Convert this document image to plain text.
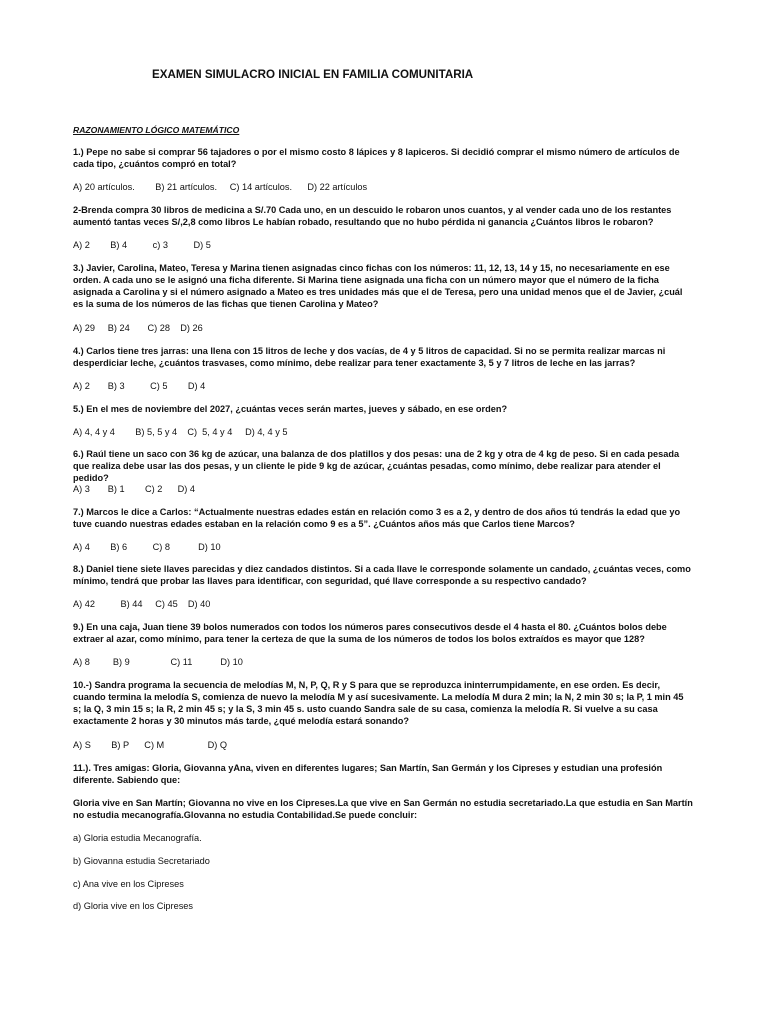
EXAMEN SIMULACRO INICIAL EN FAMILIA COMUNITARIA
RAZONAMIENTO LÓGICO MATEMÁTICO
1.) Pepe no sabe si comprar 56 tajadores o por el mismo costo 8 lápices y 8 lapiceros. Si decidió comprar el mismo número de artículos de cada tipo, ¿cuántos compró en total?
A) 20 artículos.        B) 21 artículos.     C) 14 artículos.      D) 22 artículos
2-Brenda compra 30 libros de medicina a S/.70 Cada uno, en un descuido le robaron unos cuantos, y al vender cada uno de los restantes aumentó tantas veces S/,2,8 como libros Le habían robado, resultando que no hubo pérdida ni ganancia ¿Cuántos libros le robaron?
A) 2        B) 4          c) 3          D) 5
3.) Javier, Carolina, Mateo, Teresa y Marina tienen asignadas cinco fichas con los números: 11, 12, 13, 14 y 15, no necesariamente en ese orden. A cada uno se le asignó una ficha diferente. Si Marina tiene asignada una ficha con un número mayor que el número de la ficha asignada a Carolina y si el número asignado a Mateo es tres unidades más que el de Teresa, pero una unidad menos que el de Javier, ¿cuál es la suma de los números de las fichas que tienen Carolina y Mateo?
A) 29     B) 24       C) 28    D) 26
4.) Carlos tiene tres jarras: una llena con 15 litros de leche y dos vacías, de 4 y 5 litros de capacidad. Si no se permita realizar marcas ni desperdiciar leche, ¿cuántos trasvases, como mínimo, debe realizar para tener exactamente 3, 5 y 7 litros de leche en las jarras?
A) 2       B) 3          C) 5        D) 4
5.) En el mes de noviembre del 2027, ¿cuántas veces serán martes, jueves y sábado, en ese orden?
A) 4, 4 y 4        B) 5, 5 y 4    C)  5, 4 y 4     D) 4, 4 y 5
6.) Raúl tiene un saco con 36 kg de azúcar, una balanza de dos platillos y dos pesas: una de 2 kg y otra de 4 kg de peso. Si en cada pesada que realiza debe usar las dos pesas, y un cliente le pide 9 kg de azúcar, ¿cuántas pesadas, como mínimo, debe realizar para atender el pedido?
A) 3       B) 1        C) 2      D) 4
7.) Marcos le dice a Carlos: “Actualmente nuestras edades están en relación como 3 es a 2, y dentro de dos años tú tendrás la edad que yo tuve cuando nuestras edades estaban en la relación como 9 es a 5”. ¿Cuántos años más que Carlos tiene Marcos?
A) 4        B) 6          C) 8           D) 10
8.) Daniel tiene siete llaves parecidas y diez candados distintos. Si a cada llave le corresponde solamente un candado, ¿cuántas veces, como mínimo, tendrá que probar las llaves para identificar, con seguridad, qué llave corresponde a su respectivo candado?
A) 42          B) 44     C) 45    D) 40
9.) En una caja, Juan tiene 39 bolos numerados con todos los números pares consecutivos desde el 4 hasta el 80. ¿Cuántos bolos debe extraer al azar, como mínimo, para tener la certeza de que la suma de los números de todos los bolos extraídos es mayor que 128?
A) 8         B) 9                C) 11           D) 10
10.-) Sandra programa la secuencia de melodías M, N, P, Q, R y S para que se reproduzca ininterrumpidamente, en ese orden. Es decir, cuando termina la melodía S, comienza de nuevo la melodía M y así sucesivamente. La melodía M dura 2 min; la N, 2 min 30 s; la P, 1 min 45 s; la Q, 3 min 15 s; la R, 2 min 45 s; y la S, 3 min 45 s. usto cuando Sandra sale de su casa, comienza la melodía R. Si vuelve a su casa exactamente 2 horas y 30 minutos más tarde, ¿qué melodía estará sonando?
A) S        B) P      C) M                 D) Q
11.). Tres amigas: Gloria, Giovanna yAna, viven en diferentes lugares; San Martín, San Germán y los Cipreses y estudian una profesión diferente. Sabiendo que:
Gloria vive en San Martín; Giovanna no vive en los Cipreses.La que vive en San Germán no estudia secretariado.La que estudia en San Martín no estudia mecanografía.Glovanna no estudia Contabilidad.Se puede concluir:
a) Gloria estudia Mecanografía.
b) Giovanna estudia Secretariado
c) Ana vive en los Cipreses
d) Gloria vive en los Cipreses
